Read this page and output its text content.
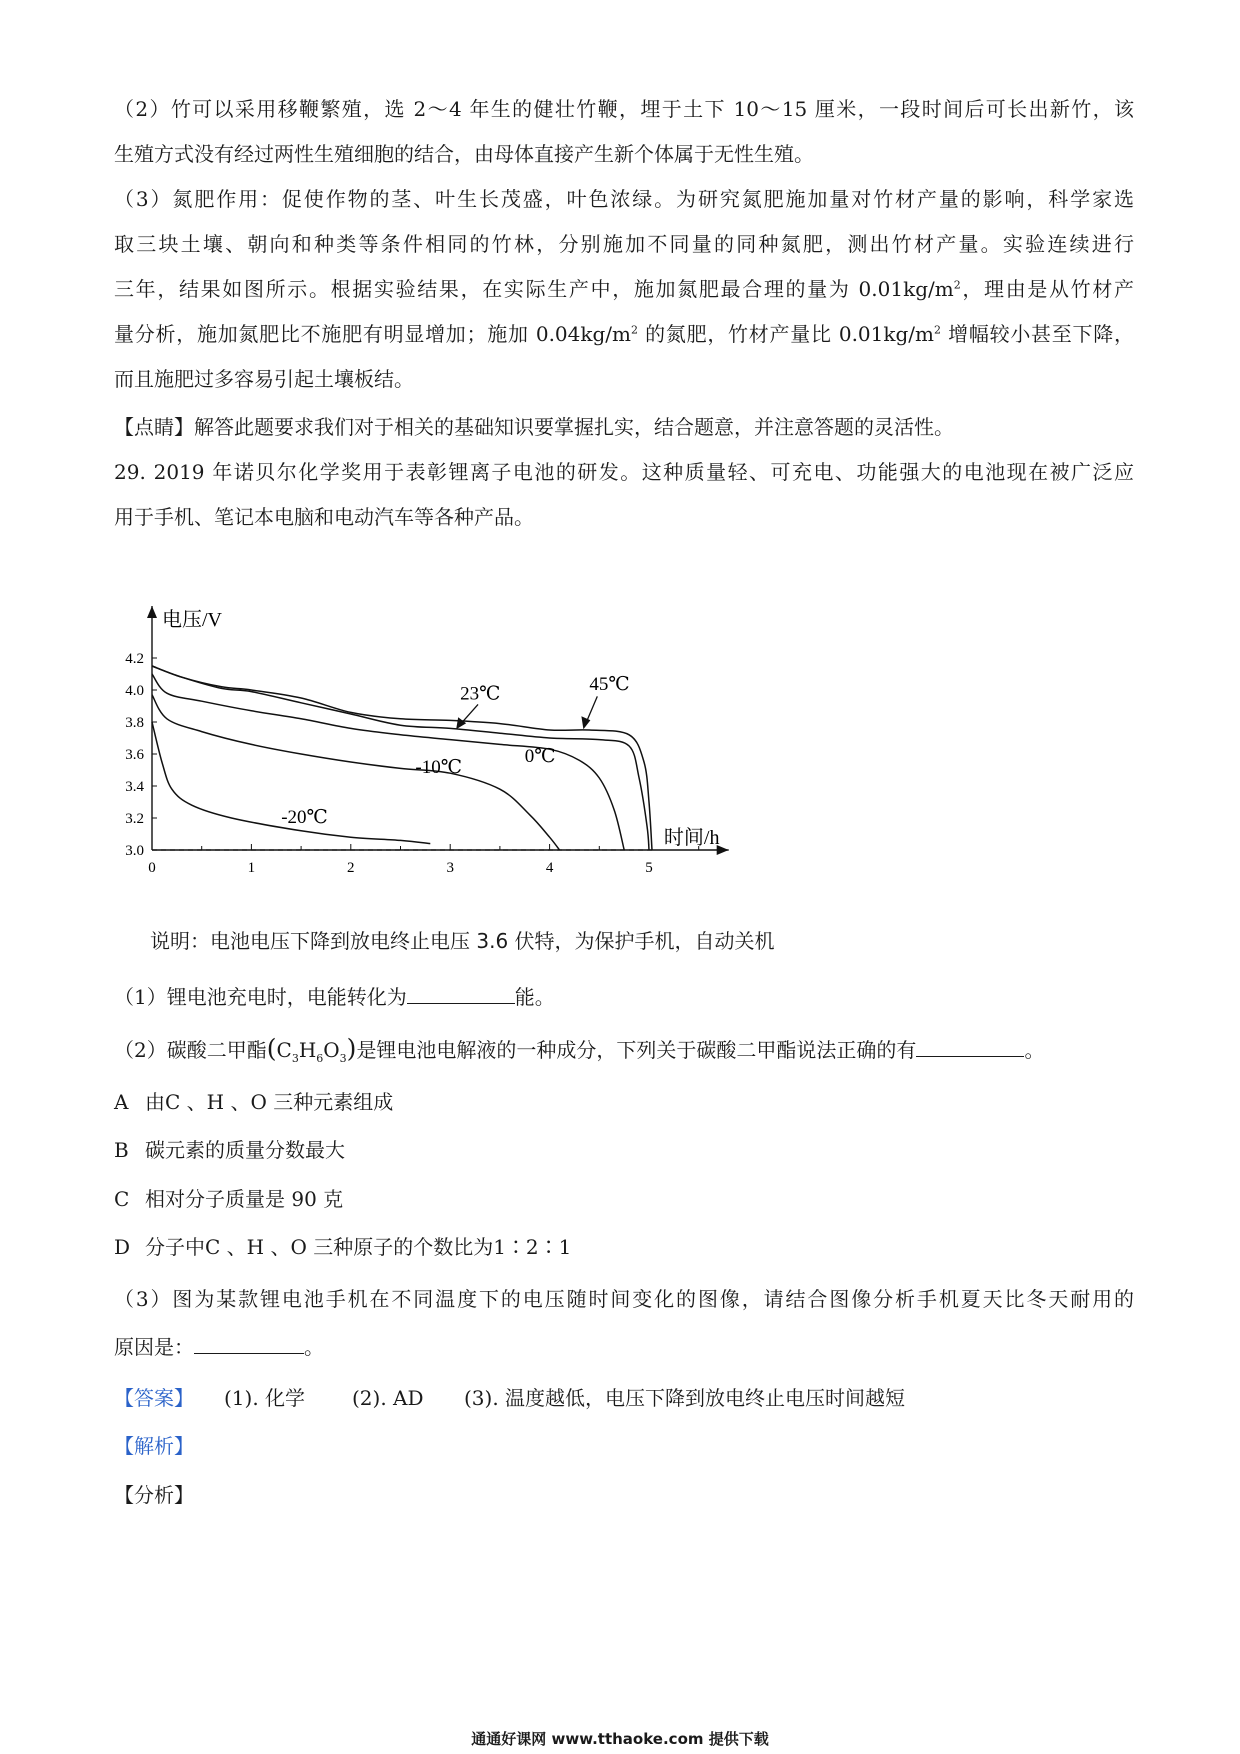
（2）竹可以采用移鞭繁殖，选 2～4 年生的健壮竹鞭，埋于土下 10～15 厘米，一段时间后可长出新竹，该
生殖方式没有经过两性生殖细胞的结合，由母体直接产生新个体属于无性生殖。
（3）氮肥作用：促使作物的茎、叶生长茂盛，叶色浓绿。为研究氮肥施加量对竹材产量的影响，科学家选
取三块土壤、朝向和种类等条件相同的竹林，分别施加不同量的同种氮肥，测出竹材产量。实验连续进行
三年，结果如图所示。根据实验结果，在实际生产中，施加氮肥最合理的量为 $0.01kg/m^2$，理由是从竹材产
量分析，施加氮肥比不施肥有明显增加；施加 $0.04kg/m^2$ 的氮肥，竹材产量比 $0.01kg/m^2$ 增幅较小甚至下降，
而且施肥过多容易引起土壤板结。
【点睛】解答此题要求我们对于相关的基础知识要掌握扎实，结合题意，并注意答题的灵活性。
29. 2019 年诺贝尔化学奖用于表彰锂离子电池的研发。这种质量轻、可充电、功能强大的电池现在被广泛应
用于手机、笔记本电脑和电动汽车等各种产品。
电压/V
时间/h
3.0
3.2
3.4
3.6
3.8
4.0
4.2
0	1	2	3	4	5
23℃	45℃
0℃
-10℃
-20℃
说明：电池电压下降到放电终止电压 3.6 伏特，为保护手机，自动关机
（1）锂电池充电时，电能转化为	能。
（2）碳酸二甲酯$(C_3H_6O_3)$是锂电池电解液的一种成分，下列关于碳酸二甲酯说法正确的有	。
A 由C 、H 、O 三种元素组成
B 碳元素的质量分数最大
C 相对分子质量是 90 克
D 分子中C 、H 、O 三种原子的个数比为1∶2∶1
（3）图为某款锂电池手机在不同温度下的电压随时间变化的图像，请结合图像分析手机夏天比冬天耐用的
原因是：	。
【答案】 (1). 化学 (2). AD (3). 温度越低，电压下降到放电终止电压时间越短
【解析】
【分析】
通通好课网 www.tthaoke.com 提供下载
